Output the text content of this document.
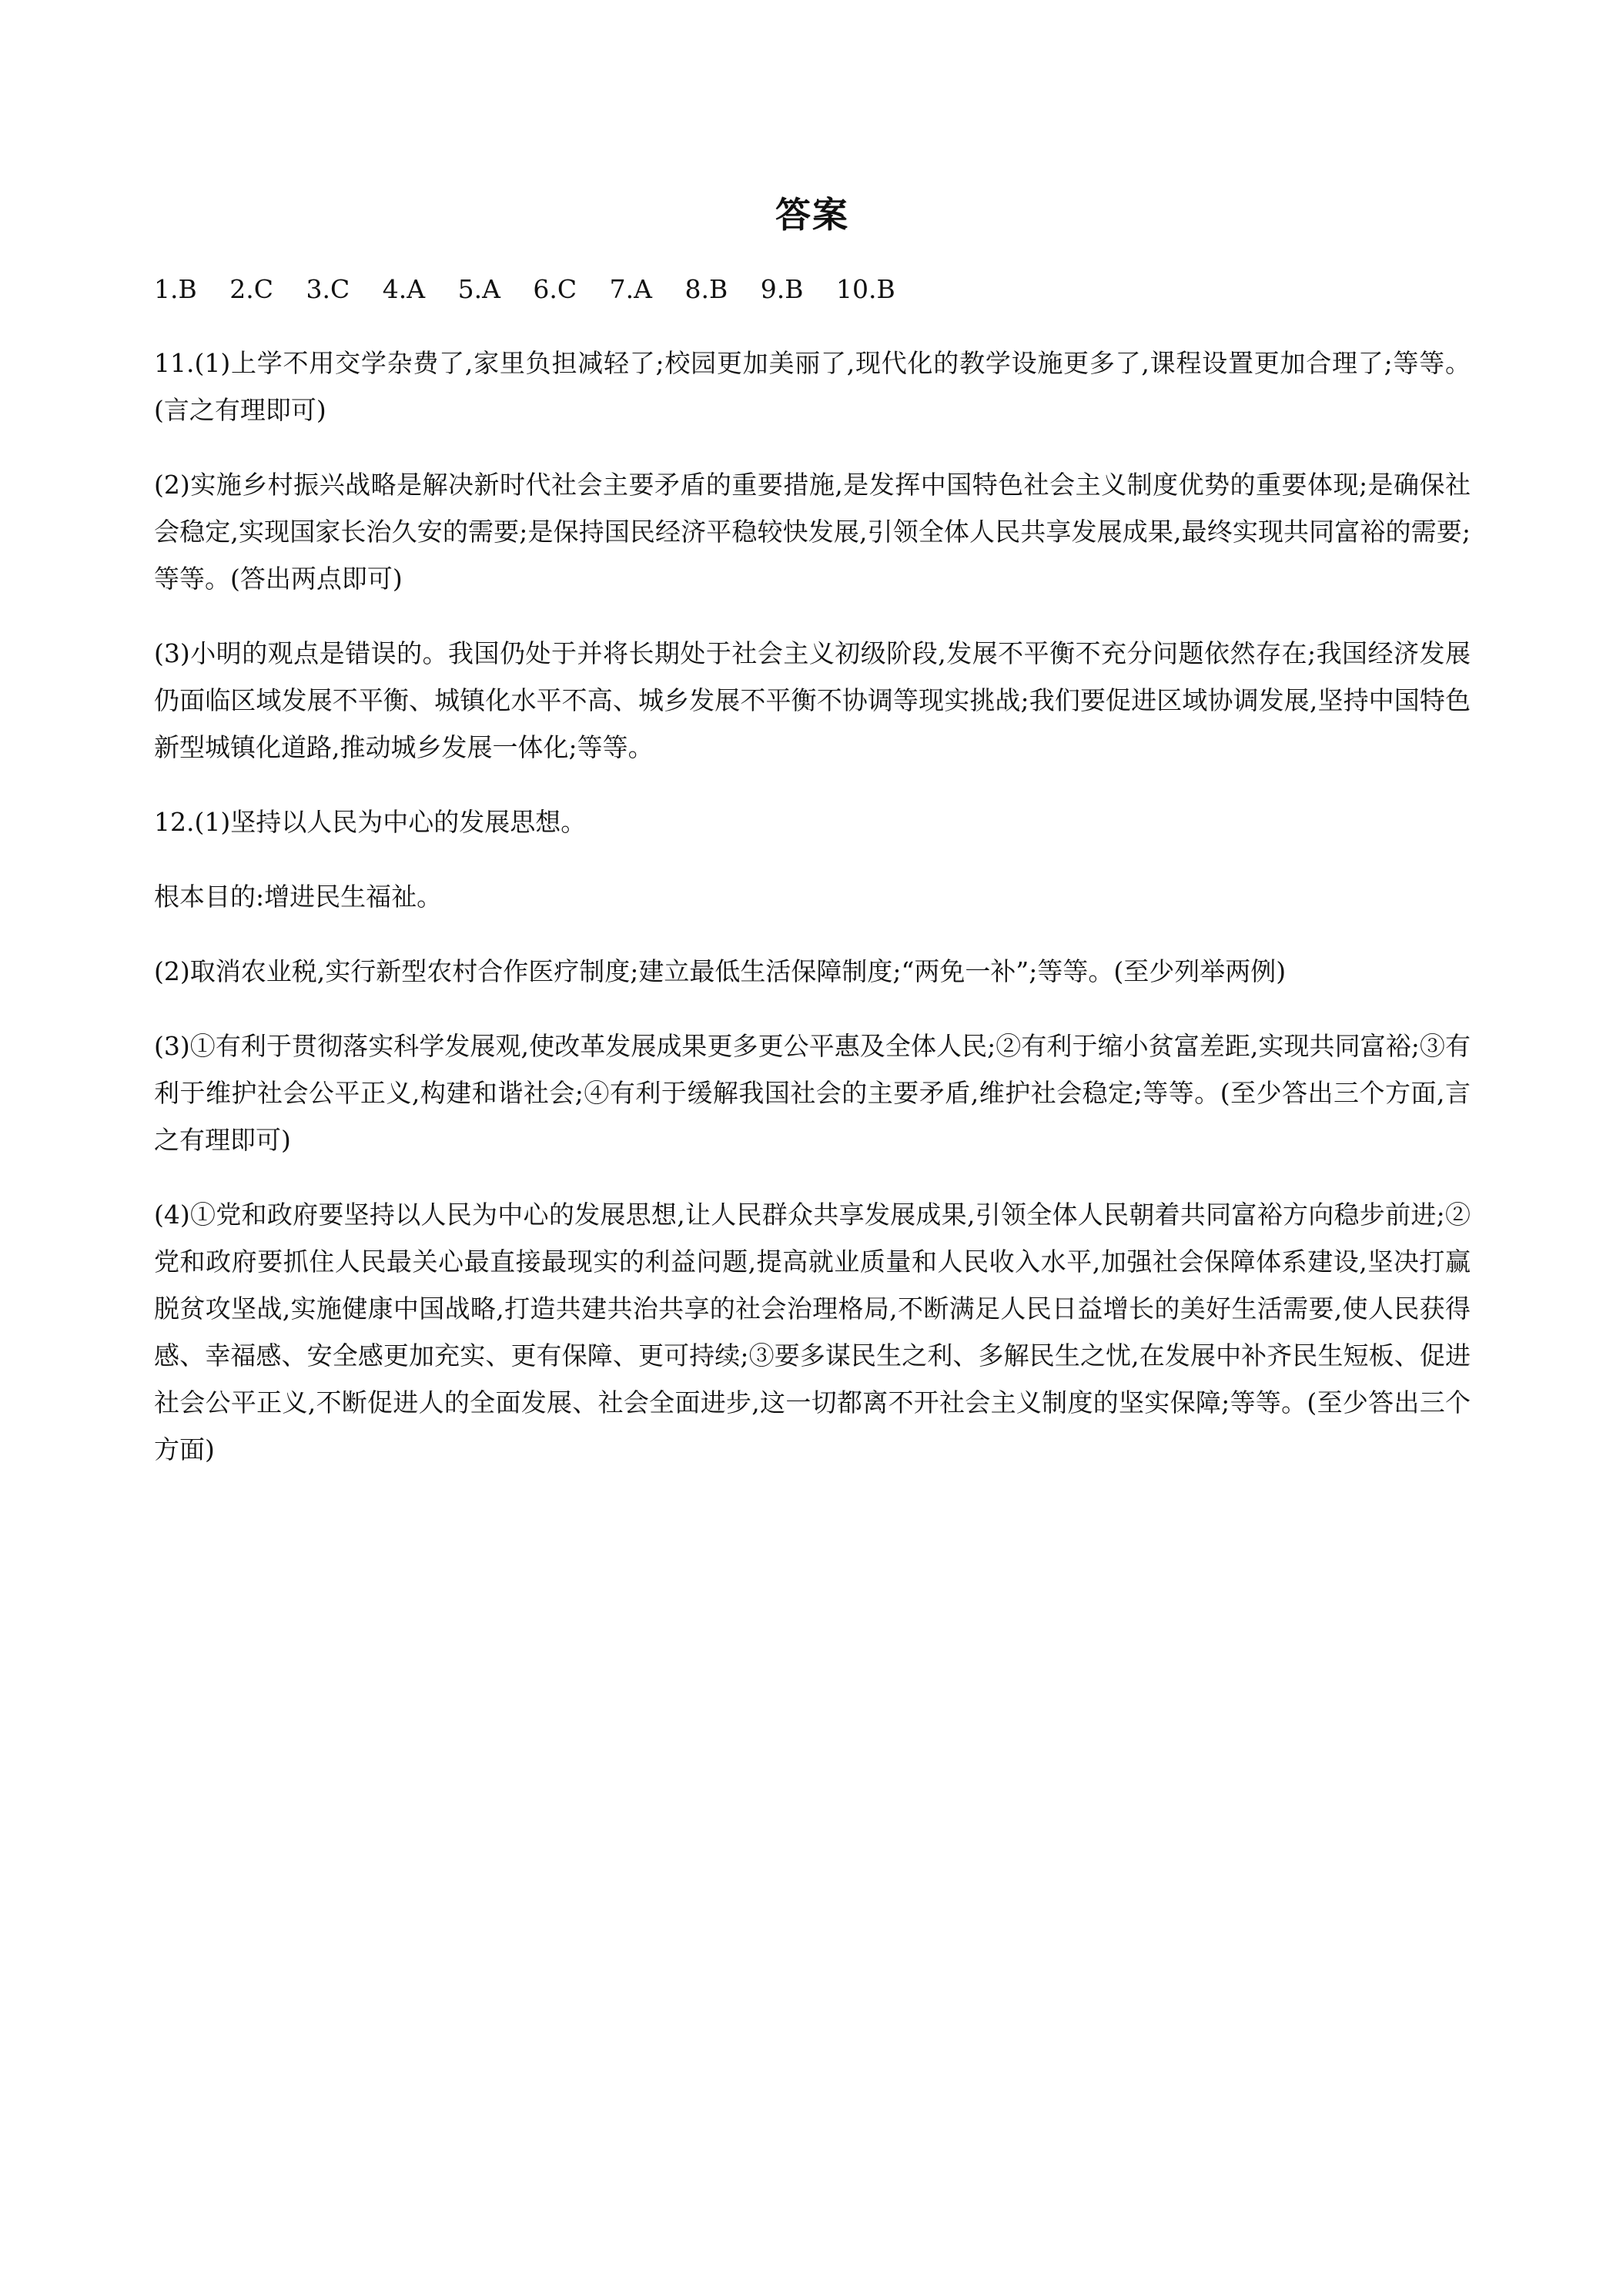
答案
1.B 2.C 3.C 4.A 5.A 6.C 7.A 8.B 9.B 10.B

11.(1)上学不用交学杂费了,家里负担减轻了;校园更加美丽了,现代化的教学设施更多了,课程设置更加合理了;等等。(言之有理即可)

(2)实施乡村振兴战略是解决新时代社会主要矛盾的重要措施,是发挥中国特色社会主义制度优势的重要体现;是确保社会稳定,实现国家长治久安的需要;是保持国民经济平稳较快发展,引领全体人民共享发展成果,最终实现共同富裕的需要;等等。(答出两点即可)

(3)小明的观点是错误的。我国仍处于并将长期处于社会主义初级阶段,发展不平衡不充分问题依然存在;我国经济发展仍面临区域发展不平衡、城镇化水平不高、城乡发展不平衡不协调等现实挑战;我们要促进区域协调发展,坚持中国特色新型城镇化道路,推动城乡发展一体化;等等。

12.(1)坚持以人民为中心的发展思想。

根本目的:增进民生福祉。

(2)取消农业税,实行新型农村合作医疗制度;建立最低生活保障制度;“两免一补”;等等。(至少列举两例)

(3)①有利于贯彻落实科学发展观,使改革发展成果更多更公平惠及全体人民;②有利于缩小贫富差距,实现共同富裕;③有利于维护社会公平正义,构建和谐社会;④有利于缓解我国社会的主要矛盾,维护社会稳定;等等。(至少答出三个方面,言之有理即可)

(4)①党和政府要坚持以人民为中心的发展思想,让人民群众共享发展成果,引领全体人民朝着共同富裕方向稳步前进;②党和政府要抓住人民最关心最直接最现实的利益问题,提高就业质量和人民收入水平,加强社会保障体系建设,坚决打赢脱贫攻坚战,实施健康中国战略,打造共建共治共享的社会治理格局,不断满足人民日益增长的美好生活需要,使人民获得感、幸福感、安全感更加充实、更有保障、更可持续;③要多谋民生之利、多解民生之忧,在发展中补齐民生短板、促进社会公平正义,不断促进人的全面发展、社会全面进步,这一切都离不开社会主义制度的坚实保障;等等。(至少答出三个方面)
